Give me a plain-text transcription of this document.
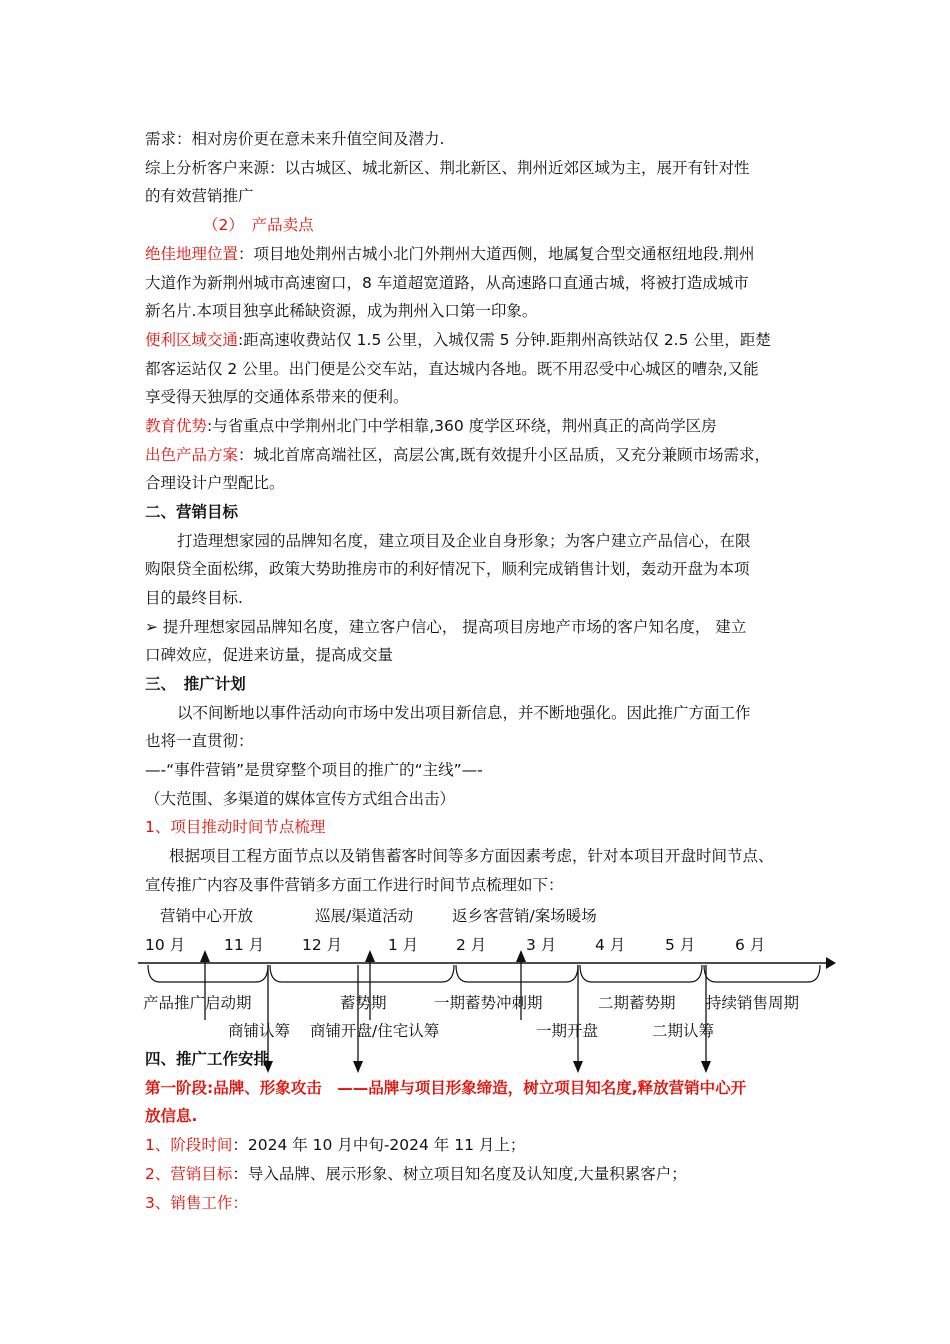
需求：相对房价更在意未来升值空间及潜力.
综上分析客户来源：以古城区、城北新区、荆北新区、荆州近郊区域为主，展开有针对性
的有效营销推广
（2）　产品卖点
绝佳地理位置：项目地处荆州古城小北门外荆州大道西侧，地属复合型交通枢纽地段.荆州
大道作为新荆州城市高速窗口，8 车道超宽道路，从高速路口直通古城，将被打造成城市
新名片.本项目独享此稀缺资源，成为荆州入口第一印象。
便利区域交通:距高速收费站仅 1.5 公里，入城仅需 5 分钟.距荆州高铁站仅 2.5 公里，距楚
都客运站仅 2 公里。出门便是公交车站，直达城内各地。既不用忍受中心城区的嘈杂,又能
享受得天独厚的交通体系带来的便利。
教育优势:与省重点中学荆州北门中学相靠,360 度学区环绕，荆州真正的高尚学区房
出色产品方案：城北首席高端社区，高层公寓,既有效提升小区品质，又充分兼顾市场需求，
合理设计户型配比。
二、营销目标
打造理想家园的品牌知名度，建立项目及企业自身形象；为客户建立产品信心，在限
购限贷全面松绑，政策大势助推房市的利好情况下，顺利完成销售计划，轰动开盘为本项
目的最终目标.
➢ 提升理想家园品牌知名度，建立客户信心， 提高项目房地产市场的客户知名度， 建立
口碑效应，促进来访量，提高成交量
三、　推广计划
以不间断地以事件活动向市场中发出项目新信息，并不断地强化。因此推广方面工作
也将一直贯彻：
—-“事件营销”是贯穿整个项目的推广的“主线”—-
（大范围、多渠道的媒体宣传方式组合出击）
1、项目推动时间节点梳理
根据项目工程方面节点以及销售蓄客时间等多方面因素考虑，针对本项目开盘时间节点、
宣传推广内容及事件营销多方面工作进行时间节点梳理如下：
营销中心开放	巡展/渠道活动	返乡客营销/案场暖场
10 月	11 月 12 月	1 月 2 月	3 月 4 月	5 月	6 月
产品推广启动期	蓄势期	一期蓄势冲刺期	二期蓄势期 持续销售周期
商铺认筹 商铺开盘/住宅认筹	一期开盘	二期认筹
四、推广工作安排
第一阶段:品牌、形象攻击　——品牌与项目形象缔造，树立项目知名度,释放营销中心开
放信息.
1、阶段时间：2024 年 10 月中旬-2024 年 11 月上；
2、营销目标：导入品牌、展示形象、树立项目知名度及认知度,大量积累客户；
3、销售工作：
